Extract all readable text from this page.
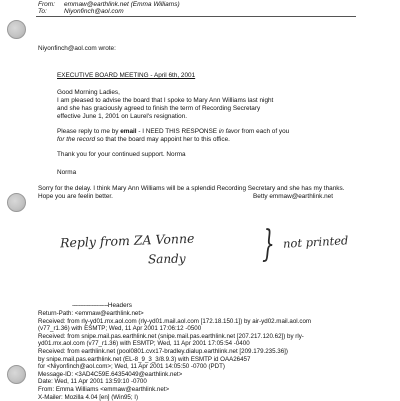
From: emmaw@earthlink.net (Emma Williams)
To:	Niyonfinch@aol.com
Niyonfinch@aol.com wrote:
EXECUTIVE BOARD MEETING - April 6th, 2001
Good Morning Ladies,
I am pleased to advise the board that I spoke to Mary Ann Williams last night
and she has graciously agreed to finish the term of Recording Secretary
effective June 1, 2001 on Laurel's resignation.
Please reply to me by email - I NEED THIS RESPONSE in favor from each of you
for the record so that the board may appoint her to this office.
Thank you for your continued support. Norma
Norma
Sorry for the delay. I think Mary Ann Williams will be a splendid Recording Secretary and she has my thanks.
Hope you are feelin better.	Betty emmaw@earthlink.net
Reply from ZA Vonne
Sandy } not printed
----------------------Headers
Return-Path: <emmaw@earthlink.net>
Received: from rly-yd01.mx.aol.com (rly-yd01.mail.aol.com [172.18.150.1]) by air-yd02.mail.aol.com
(v77_r1.36) with ESMTP; Wed, 11 Apr 2001 17:06:12 -0500
Received: from snipe.mail.pas.earthlink.net (snipe.mail.pas.earthlink.net [207.217.120.62]) by rly-
yd01.mx.aol.com (v77_r1.36) with ESMTP; Wed, 11 Apr 2001 17:05:54 -0400
Received: from earthlink.net (pool0801.cvx17-bradley.dialup.earthlink.net [209.179.235.36])
by snipe.mail.pas.earthlink.net (EL-8_9_3_3/8.9.3) with ESMTP id OAA26457
for <Niyonfinch@aol.com>; Wed, 11 Apr 2001 14:05:50 -0700 (PDT)
Message-ID: <3AD4C59E.64354049@earthlink.net>
Date: Wed, 11 Apr 2001 13:59:10 -0700
From: Emma Williams <emmaw@earthlink.net>
X-Mailer: Mozilla 4.04 [en] (Win95; I)
